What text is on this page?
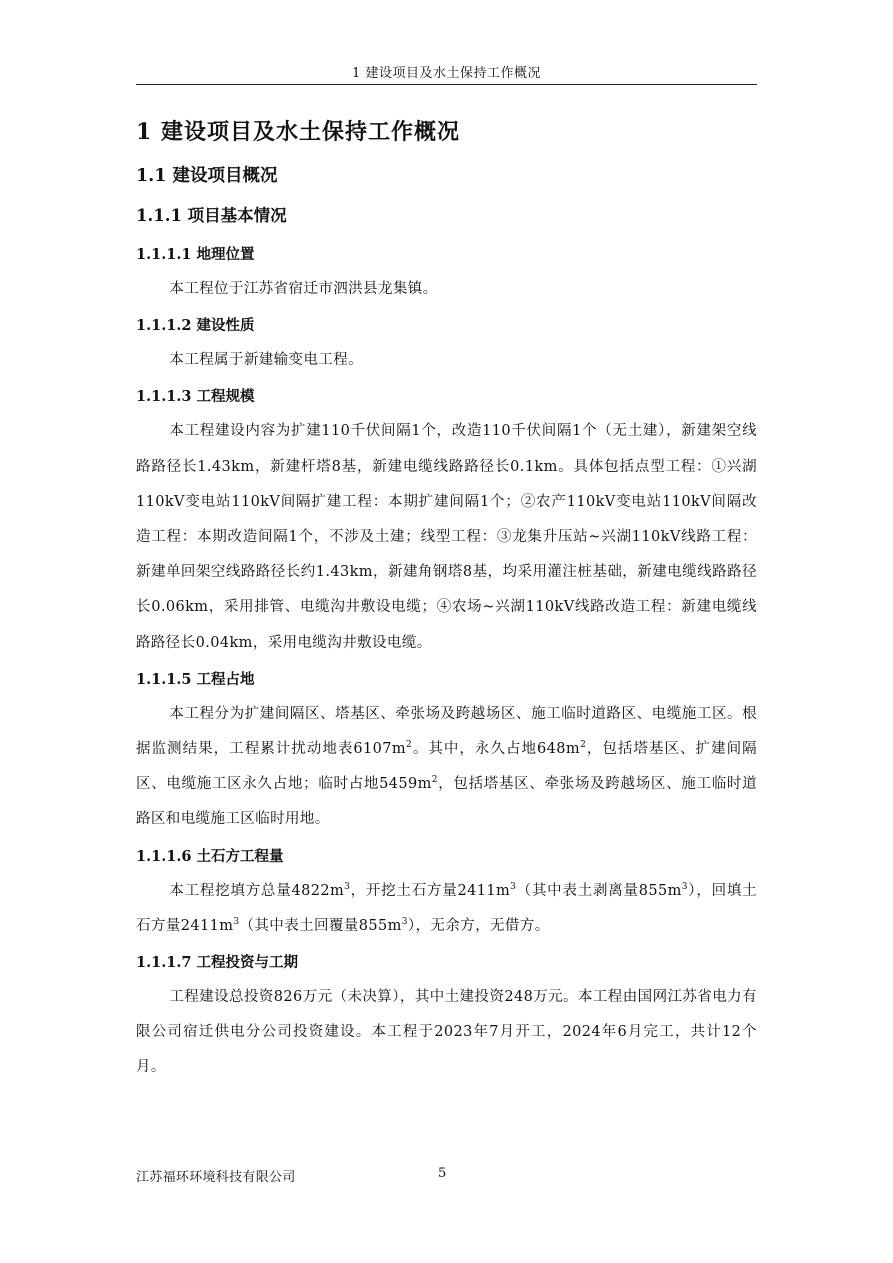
1 建设项目及水土保持工作概况
1 建设项目及水土保持工作概况
1.1 建设项目概况
1.1.1 项目基本情况
1.1.1.1 地理位置

本工程位于江苏省宿迁市泗洪县龙集镇。

1.1.1.2 建设性质

本工程属于新建输变电工程。

1.1.1.3 工程规模

本工程建设内容为扩建110千伏间隔1个，改造110千伏间隔1个（无土建），新建架空线路路径长1.43km，新建杆塔8基，新建电缆线路路径长0.1km。具体包括点型工程：①兴湖110kV变电站110kV间隔扩建工程：本期扩建间隔1个；②农产110kV变电站110kV间隔改造工程：本期改造间隔1个，不涉及土建；线型工程：③龙集升压站~兴湖110kV线路工程：新建单回架空线路路径长约1.43km，新建角钢塔8基，均采用灌注桩基础，新建电缆线路路径长0.06km，采用排管、电缆沟井敷设电缆；④农场~兴湖110kV线路改造工程：新建电缆线路路径长0.04km，采用电缆沟井敷设电缆。

1.1.1.5 工程占地

本工程分为扩建间隔区、塔基区、牵张场及跨越场区、施工临时道路区、电缆施工区。根据监测结果，工程累计扰动地表$6107m^2$。其中，永久占地$648m^2$，包括塔基区、扩建间隔区、电缆施工区永久占地；临时占地$5459m^2$，包括塔基区、牵张场及跨越场区、施工临时道路区和电缆施工区临时用地。

1.1.1.6 土石方工程量

本工程挖填方总量$4822m^3$，开挖土石方量$2411m^3$（其中表土剥离量$855m^3$），回填土石方量$2411m^3$（其中表土回覆量$855m^3$），无余方，无借方。

1.1.1.7 工程投资与工期

工程建设总投资826万元（未决算），其中土建投资248万元。本工程由国网江苏省电力有限公司宿迁供电分公司投资建设。本工程于2023年7月开工，2024年6月完工，共计12个月。

江苏福环环境科技有限公司	5
